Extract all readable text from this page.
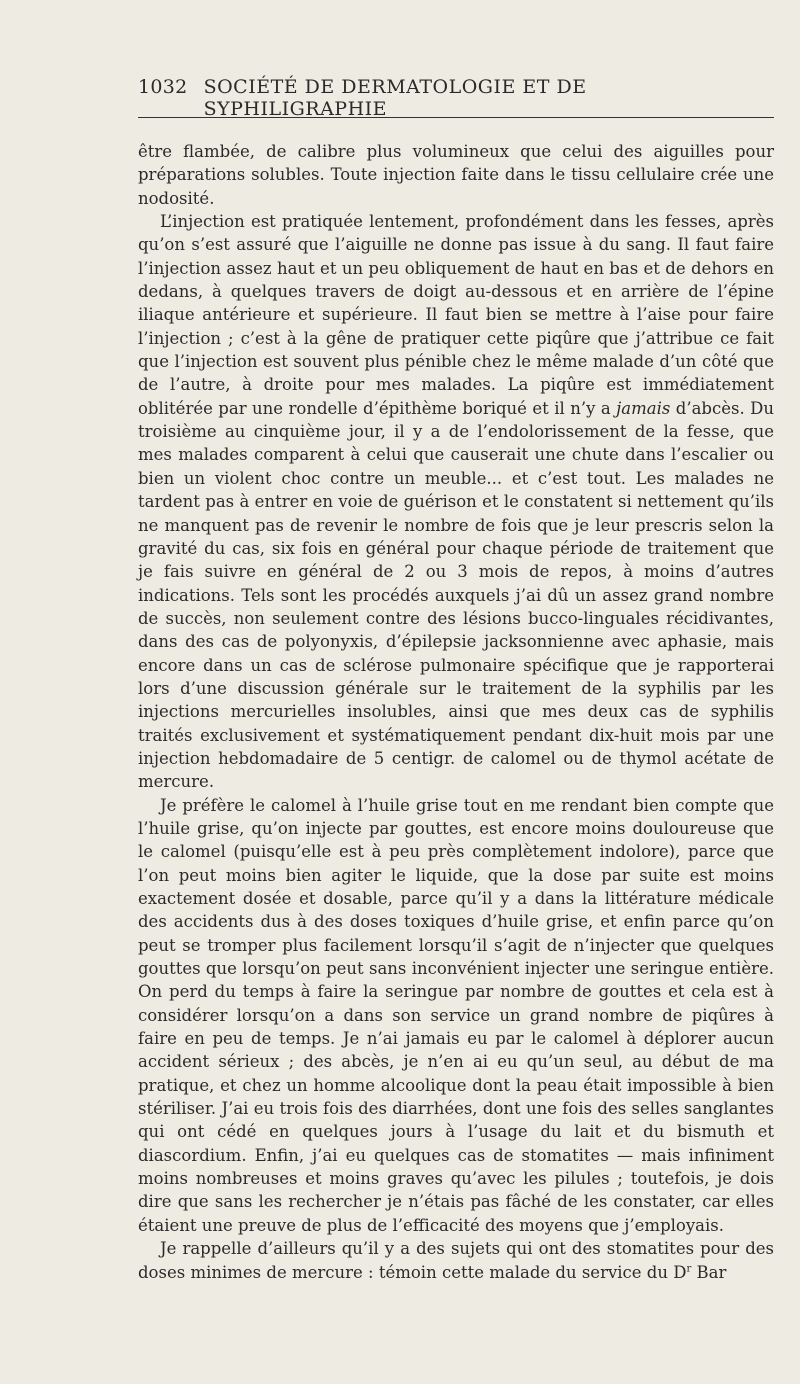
1032 SOCIÉTÉ DE DERMATOLOGIE ET DE SYPHILIGRAPHIE

être flambée, de calibre plus volumineux que celui des aiguilles pour préparations solubles. Toute injection faite dans le tissu cellulaire crée une nodosité.

L’injection est pratiquée lentement, profondément dans les fesses, après qu’on s’est assuré que l’aiguille ne donne pas issue à du sang. Il faut faire l’injection assez haut et un peu obliquement de haut en bas et de dehors en dedans, à quelques travers de doigt au-dessous et en arrière de l’épine iliaque antérieure et supérieure. Il faut bien se mettre à l’aise pour faire l’injection ; c’est à la gêne de pratiquer cette piqûre que j’attribue ce fait que l’injection est souvent plus pénible chez le même malade d’un côté que de l’autre, à droite pour mes malades. La piqûre est immédiatement oblitérée par une rondelle d’épithème boriqué et il n’y a jamais d’abcès. Du troisième au cinquième jour, il y a de l’endolorissement de la fesse, que mes malades comparent à celui que causerait une chute dans l’escalier ou bien un violent choc contre un meuble... et c’est tout. Les malades ne tardent pas à entrer en voie de guérison et le constatent si nettement qu’ils ne manquent pas de revenir le nombre de fois que je leur prescris selon la gravité du cas, six fois en général pour chaque période de traitement que je fais suivre en général de 2 ou 3 mois de repos, à moins d’autres indications. Tels sont les procédés auxquels j’ai dû un assez grand nombre de succès, non seulement contre des lésions bucco-linguales récidivantes, dans des cas de polyonyxis, d’épilepsie jacksonnienne avec aphasie, mais encore dans un cas de sclérose pulmonaire spécifique que je rapporterai lors d’une discussion générale sur le traitement de la syphilis par les injections mercurielles insolubles, ainsi que mes deux cas de syphilis traités exclusivement et systématiquement pendant dix-huit mois par une injection hebdomadaire de 5 centigr. de calomel ou de thymol acétate de mercure.

Je préfère le calomel à l’huile grise tout en me rendant bien compte que l’huile grise, qu’on injecte par gouttes, est encore moins douloureuse que le calomel (puisqu’elle est à peu près complètement indolore), parce que l’on peut moins bien agiter le liquide, que la dose par suite est moins exactement dosée et dosable, parce qu’il y a dans la littérature médicale des accidents dus à des doses toxiques d’huile grise, et enfin parce qu’on peut se tromper plus facilement lorsqu’il s’agit de n’injecter que quelques gouttes que lorsqu’on peut sans inconvénient injecter une seringue entière. On perd du temps à faire la seringue par nombre de gouttes et cela est à considérer lorsqu’on a dans son service un grand nombre de piqûres à faire en peu de temps. Je n’ai jamais eu par le calomel à déplorer aucun accident sérieux ; des abcès, je n’en ai eu qu’un seul, au début de ma pratique, et chez un homme alcoolique dont la peau était impossible à bien stériliser. J’ai eu trois fois des diarrhées, dont une fois des selles sanglantes qui ont cédé en quelques jours à l’usage du lait et du bismuth et diascordium. Enfin, j’ai eu quelques cas de stomatites — mais infiniment moins nombreuses et moins graves qu’avec les pilules ; toutefois, je dois dire que sans les rechercher je n’étais pas fâché de les constater, car elles étaient une preuve de plus de l’efficacité des moyens que j’employais.

Je rappelle d’ailleurs qu’il y a des sujets qui ont des stomatites pour des doses minimes de mercure : témoin cette malade du service du $D^r$ Bar
